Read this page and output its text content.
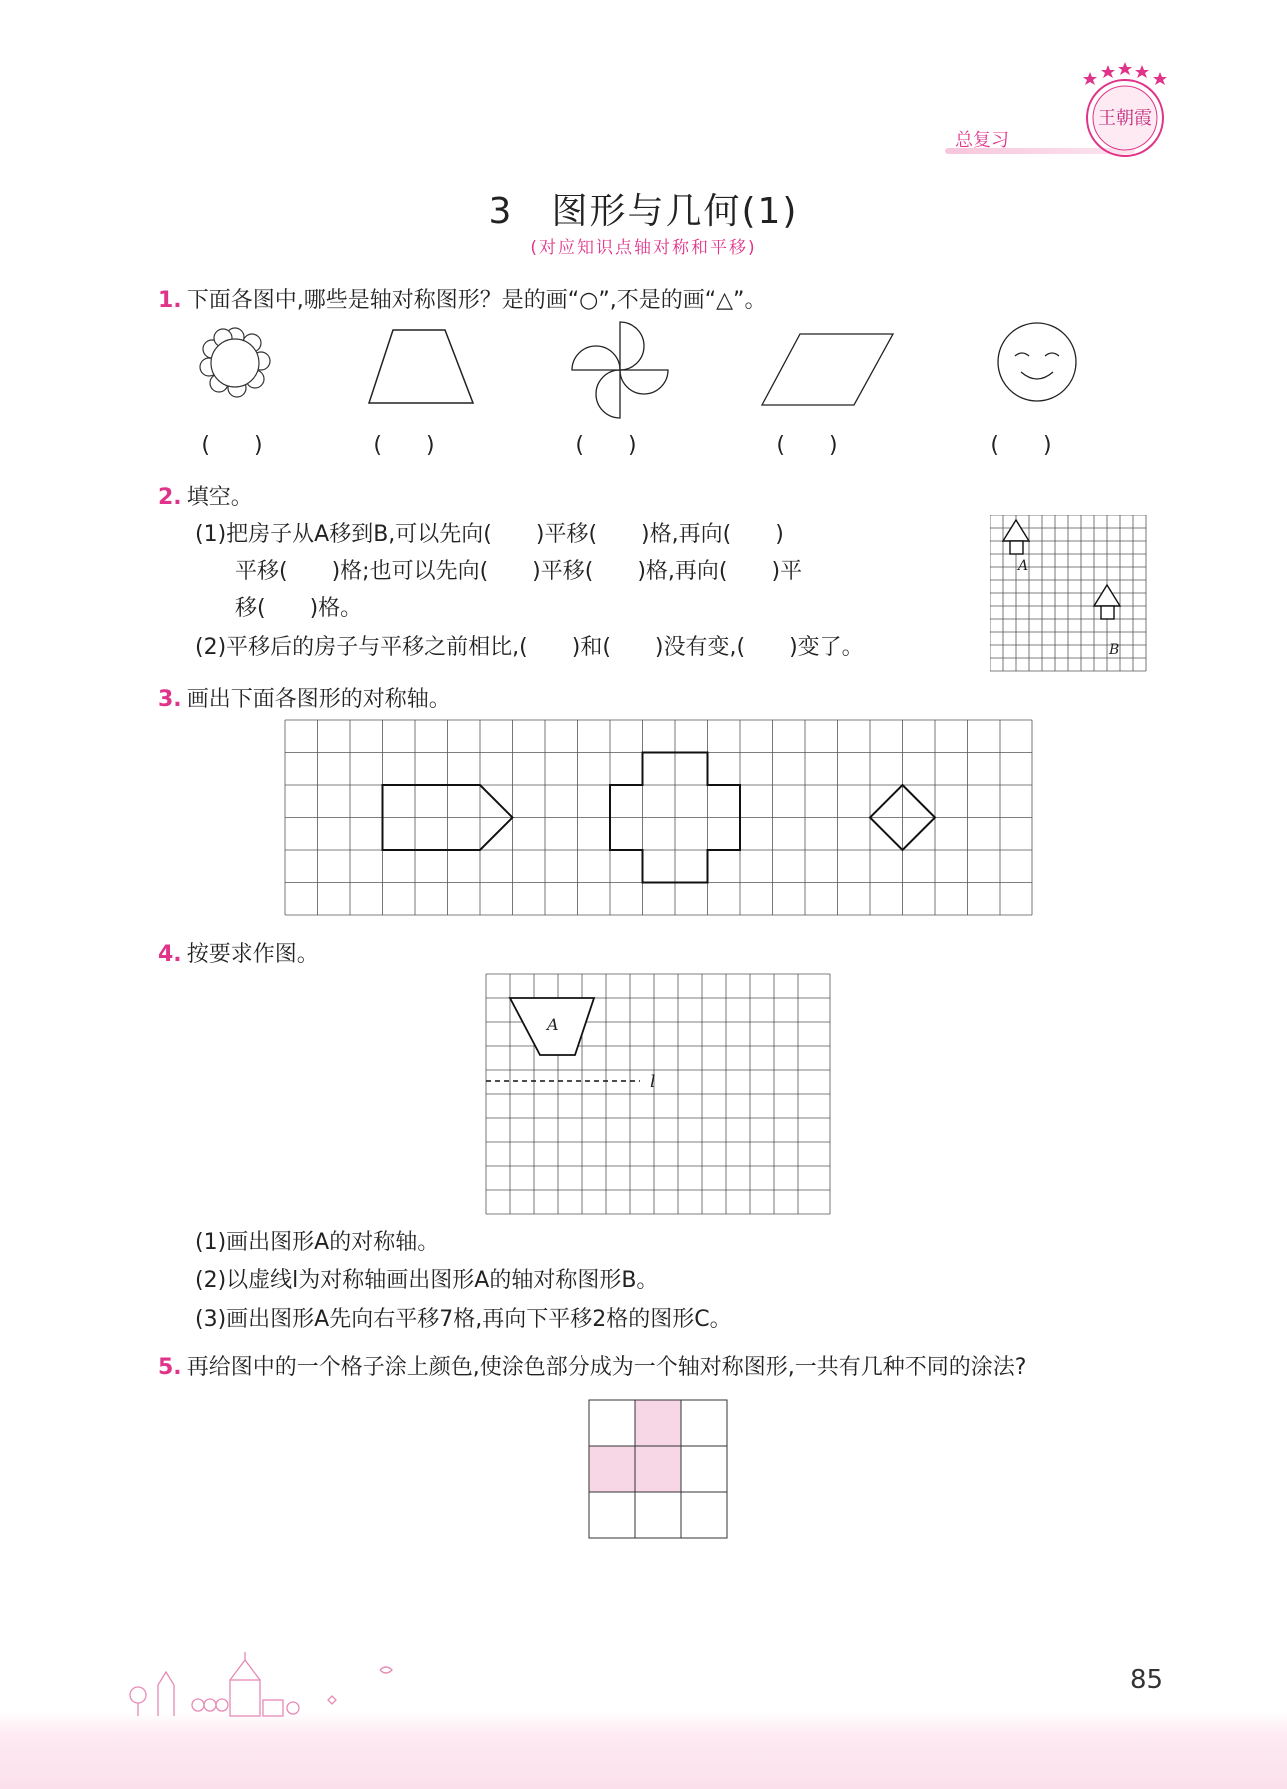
总复习
王朝霞
3　图形与几何(1)
(对应知识点轴对称和平移)
1. 下面各图中,哪些是轴对称图形？是的画“○”,不是的画“△”。
(　　)	(　　)	(　　)	(　　)	(　　)
2. 填空。
(1)把房子从A移到B,可以先向(　　)平移(　　)格,再向(　　)
平移(　　)格;也可以先向(　　)平移(　　)格,再向(　　)平
移(　　)格。
(2)平移后的房子与平移之前相比,(　　)和(　　)没有变,(　　)变了。
A
B
3. 画出下面各图形的对称轴。
4. 按要求作图。
A
l
(1)画出图形A的对称轴。
(2)以虚线l为对称轴画出图形A的轴对称图形B。
(3)画出图形A先向右平移7格,再向下平移2格的图形C。
5. 再给图中的一个格子涂上颜色,使涂色部分成为一个轴对称图形,一共有几种不同的涂法?
85
